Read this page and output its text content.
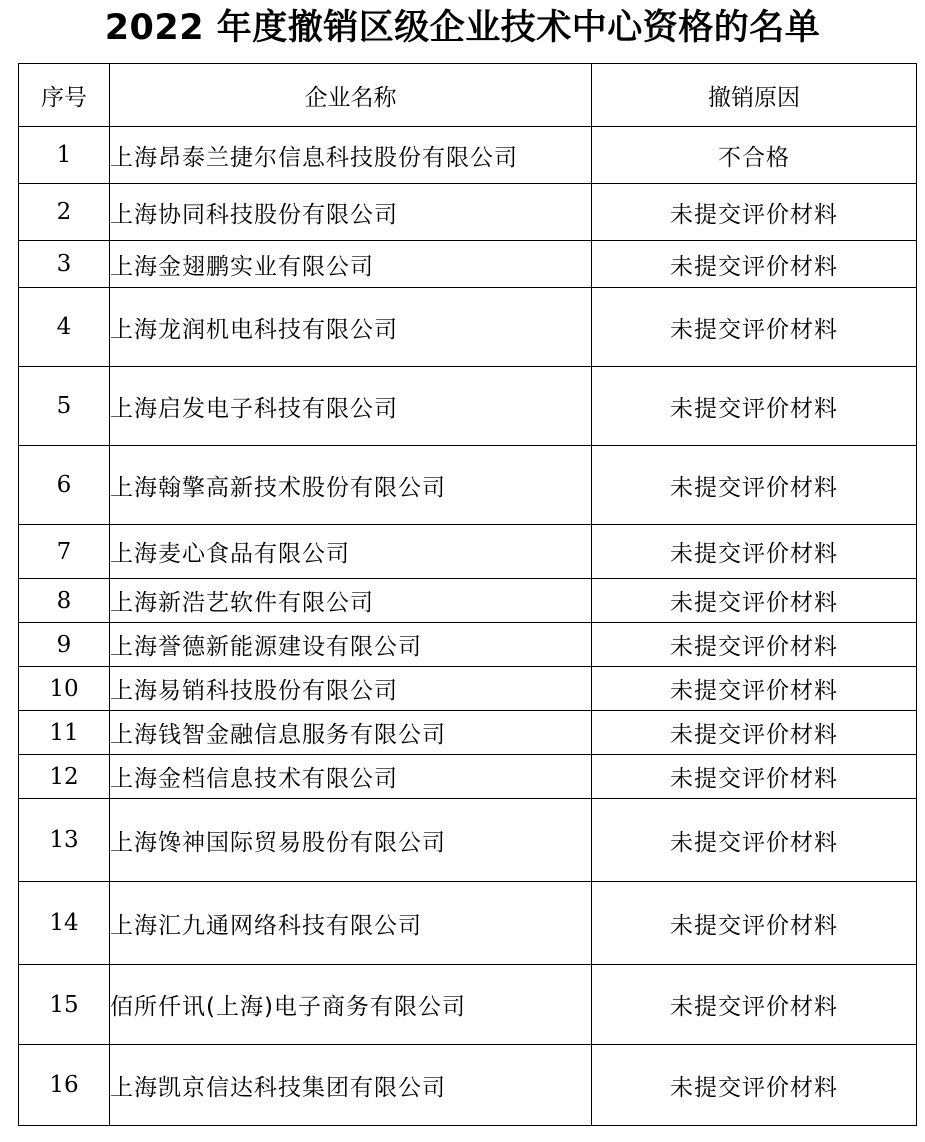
2022 年度撤销区级企业技术中心资格的名单
序号	企业名称	撤销原因
1	上海昂泰兰捷尔信息科技股份有限公司	不合格
2	上海协同科技股份有限公司	未提交评价材料
3	上海金翅鹏实业有限公司	未提交评价材料
4	上海龙润机电科技有限公司	未提交评价材料
5	上海启发电子科技有限公司	未提交评价材料
6	上海翰擎高新技术股份有限公司	未提交评价材料
7	上海麦心食品有限公司	未提交评价材料
8	上海新浩艺软件有限公司	未提交评价材料
9	上海誉德新能源建设有限公司	未提交评价材料
10	上海易销科技股份有限公司	未提交评价材料
11	上海钱智金融信息服务有限公司	未提交评价材料
12	上海金档信息技术有限公司	未提交评价材料
13	上海馋神国际贸易股份有限公司	未提交评价材料
14	上海汇九通网络科技有限公司	未提交评价材料
15	佰所仟讯(上海)电子商务有限公司	未提交评价材料
16	上海凯京信达科技集团有限公司	未提交评价材料
